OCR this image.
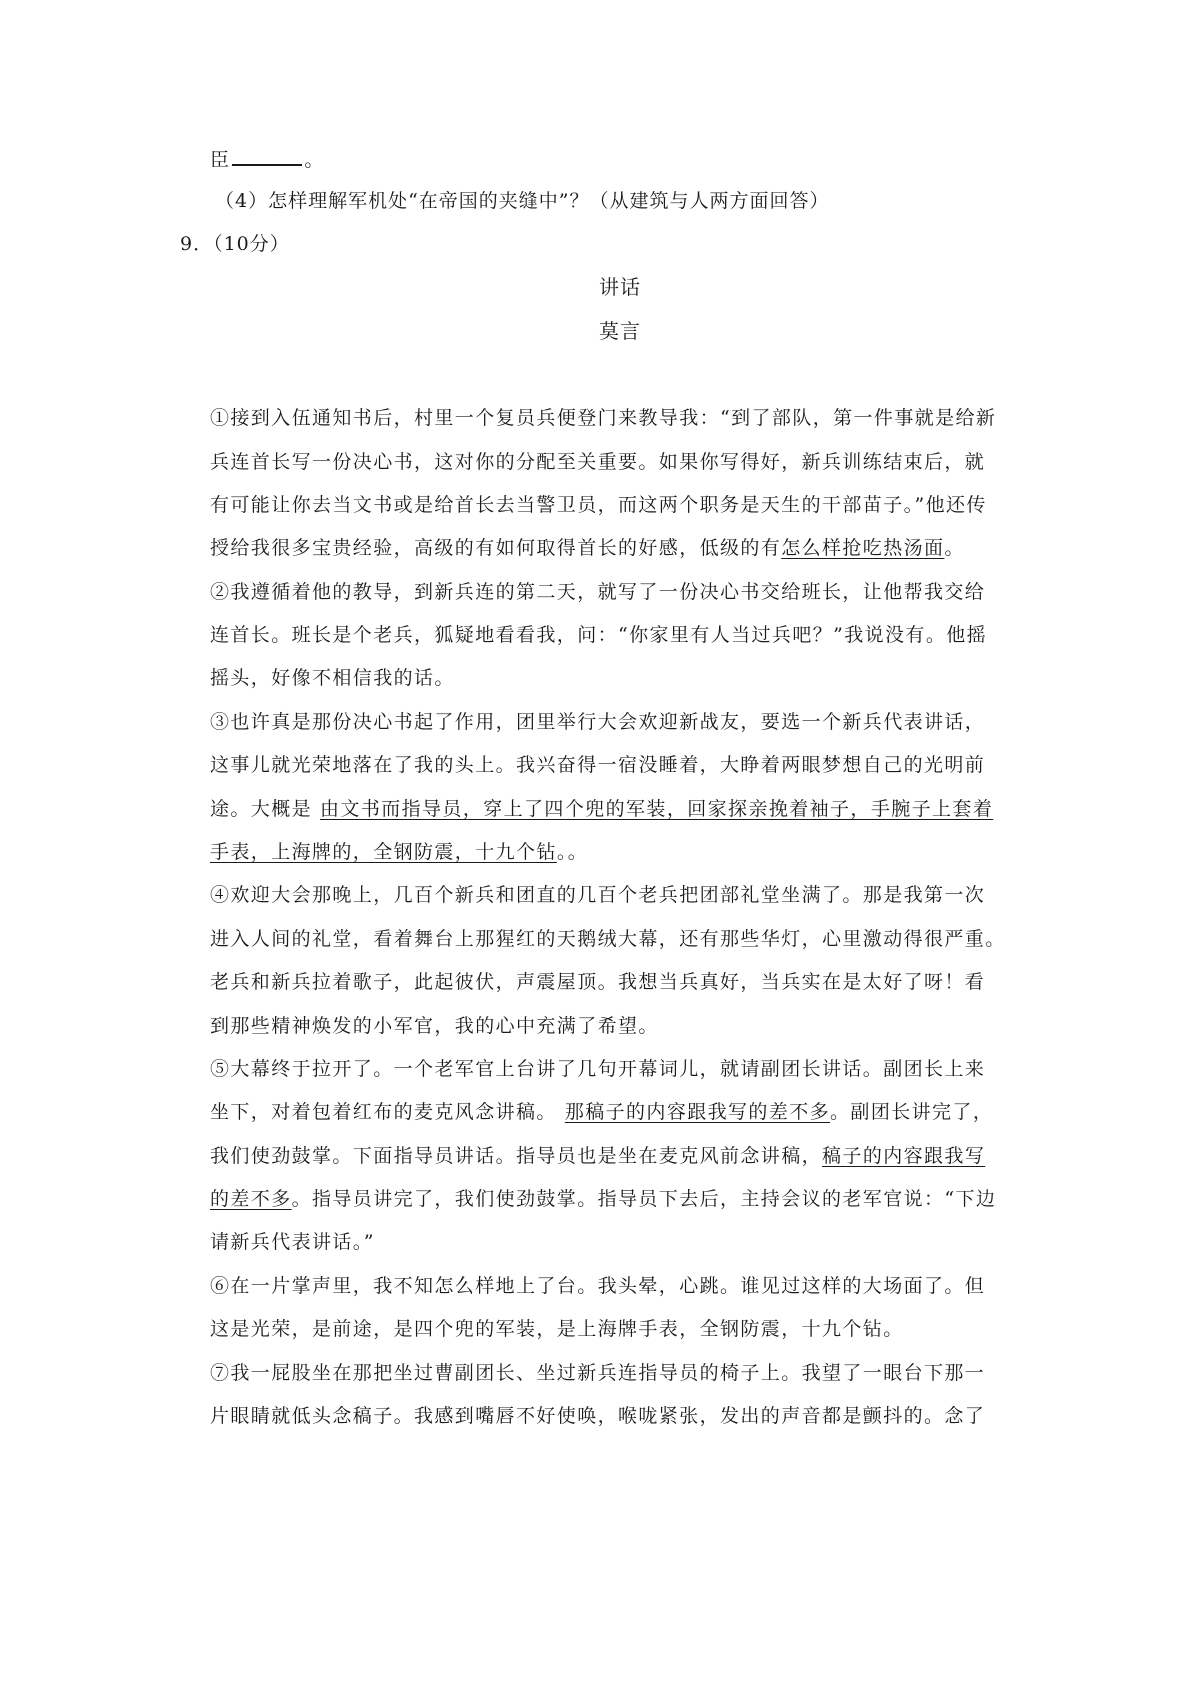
臣	。
（4）怎样理解军机处“在帝国的夹缝中”？（从建筑与人两方面回答）
9．（10分）
讲话
莫言
①接到入伍通知书后，村里一个复员兵便登门来教导我：“到了部队，第一件事就是给新
兵连首长写一份决心书，这对你的分配至关重要。如果你写得好，新兵训练结束后，就
有可能让你去当文书或是给首长去当警卫员，而这两个职务是天生的干部苗子。”他还传
授给我很多宝贵经验，高级的有如何取得首长的好感，低级的有怎么样抢吃热汤面。
②我遵循着他的教导，到新兵连的第二天，就写了一份决心书交给班长，让他帮我交给
连首长。班长是个老兵，狐疑地看看我，问：“你家里有人当过兵吧？”我说没有。他摇
摇头，好像不相信我的话。
③也许真是那份决心书起了作用，团里举行大会欢迎新战友，要选一个新兵代表讲话，
这事儿就光荣地落在了我的头上。我兴奋得一宿没睡着，大睁着两眼梦想自己的光明前
途。大概是 由文书而指导员，穿上了四个兜的军装，回家探亲挽着袖子，手腕子上套着
手表，上海牌的，全钢防震，十九个钻。。
④欢迎大会那晚上，几百个新兵和团直的几百个老兵把团部礼堂坐满了。那是我第一次
进入人间的礼堂，看着舞台上那猩红的天鹅绒大幕，还有那些华灯，心里激动得很严重。
老兵和新兵拉着歌子，此起彼伏，声震屋顶。我想当兵真好，当兵实在是太好了呀！看
到那些精神焕发的小军官，我的心中充满了希望。
⑤大幕终于拉开了。一个老军官上台讲了几句开幕词儿，就请副团长讲话。副团长上来
坐下，对着包着红布的麦克风念讲稿。 那稿子的内容跟我写的差不多。副团长讲完了，
我们使劲鼓掌。下面指导员讲话。指导员也是坐在麦克风前念讲稿，稿子的内容跟我写
的差不多。指导员讲完了，我们使劲鼓掌。指导员下去后，主持会议的老军官说：“下边
请新兵代表讲话。”
⑥在一片掌声里，我不知怎么样地上了台。我头晕，心跳。谁见过这样的大场面了。但
这是光荣，是前途，是四个兜的军装，是上海牌手表，全钢防震，十九个钻。
⑦我一屁股坐在那把坐过曹副团长、坐过新兵连指导员的椅子上。我望了一眼台下那一
片眼睛就低头念稿子。我感到嘴唇不好使唤，喉咙紧张，发出的声音都是颤抖的。念了
